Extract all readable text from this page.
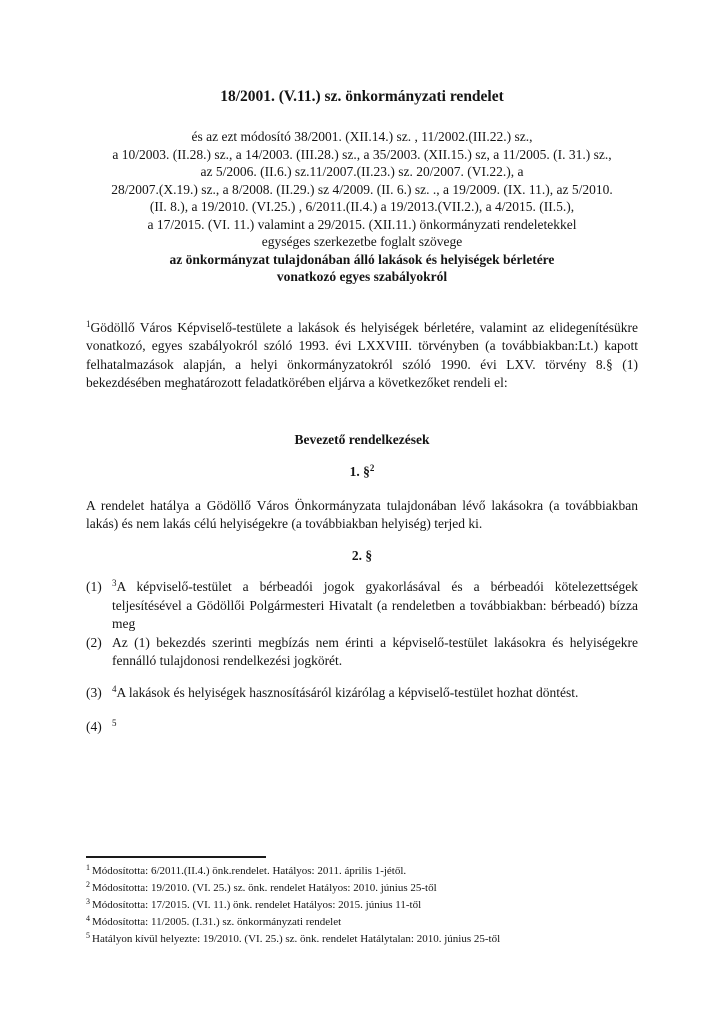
18/2001. (V.11.) sz. önkormányzati rendelet
és az ezt módosító 38/2001. (XII.14.) sz. , 11/2002.(III.22.) sz.,
a 10/2003. (II.28.) sz., a 14/2003. (III.28.) sz., a 35/2003. (XII.15.) sz, a 11/2005. (I. 31.) sz.,
az 5/2006. (II.6.) sz.11/2007.(II.23.) sz. 20/2007. (VI.22.), a
28/2007.(X.19.) sz., a 8/2008. (II.29.) sz 4/2009. (II. 6.) sz. ., a 19/2009. (IX. 11.), az 5/2010.
(II. 8.), a 19/2010. (VI.25.) , 6/2011.(II.4.) a 19/2013.(VII.2.), a 4/2015. (II.5.),
a 17/2015. (VI. 11.) valamint a 29/2015. (XII.11.) önkormányzati rendeletekkel
egységes szerkezetbe foglalt szövege
az önkormányzat tulajdonában álló lakások és helyiségek bérletére
vonatkozó egyes szabályokról

$^1$Gödöllő Város Képviselő-testülete a lakások és helyiségek bérletére, valamint az elidegenítésükre vonatkozó, egyes szabályokról szóló 1993. évi LXXVIII. törvényben (a továbbiakban:Lt.) kapott felhatalmazások alapján, a helyi önkormányzatokról szóló 1990. évi LXV. törvény 8.§ (1) bekezdésében meghatározott feladatkörében eljárva a következőket rendeli el:

Bevezető rendelkezések
1. §$^2$

A rendelet hatálya a Gödöllő Város Önkormányzata tulajdonában lévő lakásokra (a továbbiakban lakás) és nem lakás célú helyiségekre (a továbbiakban helyiség) terjed ki.

2. §
(1)	$^3$A képviselő-testület a bérbeadói jogok gyakorlásával és a bérbeadói kötelezettségek teljesítésével a Gödöllői Polgármesteri Hivatalt (a rendeletben a továbbiakban: bérbeadó) bízza meg
(2) Az (1) bekezdés szerinti megbízás nem érinti a képviselő-testület lakásokra és helyiségekre fennálló tulajdonosi rendelkezési jogkörét.
(3)	$^4$A lakások és helyiségek hasznosításáról kizárólag a képviselő-testület hozhat döntést.
(4)	$^5$
$^1$ Módosította: 6/2011.(II.4.) önk.rendelet. Hatályos: 2011. április 1-jétől.
$^2$ Módosította: 19/2010. (VI. 25.) sz. önk. rendelet Hatályos: 2010. június 25-től
$^3$ Módosította: 17/2015. (VI. 11.) önk. rendelet Hatályos: 2015. június 11-től
$^4$ Módosította: 11/2005. (I.31.) sz. önkormányzati rendelet
$^5$ Hatályon kívül helyezte: 19/2010. (VI. 25.) sz. önk. rendelet Hatálytalan: 2010. június 25-től
